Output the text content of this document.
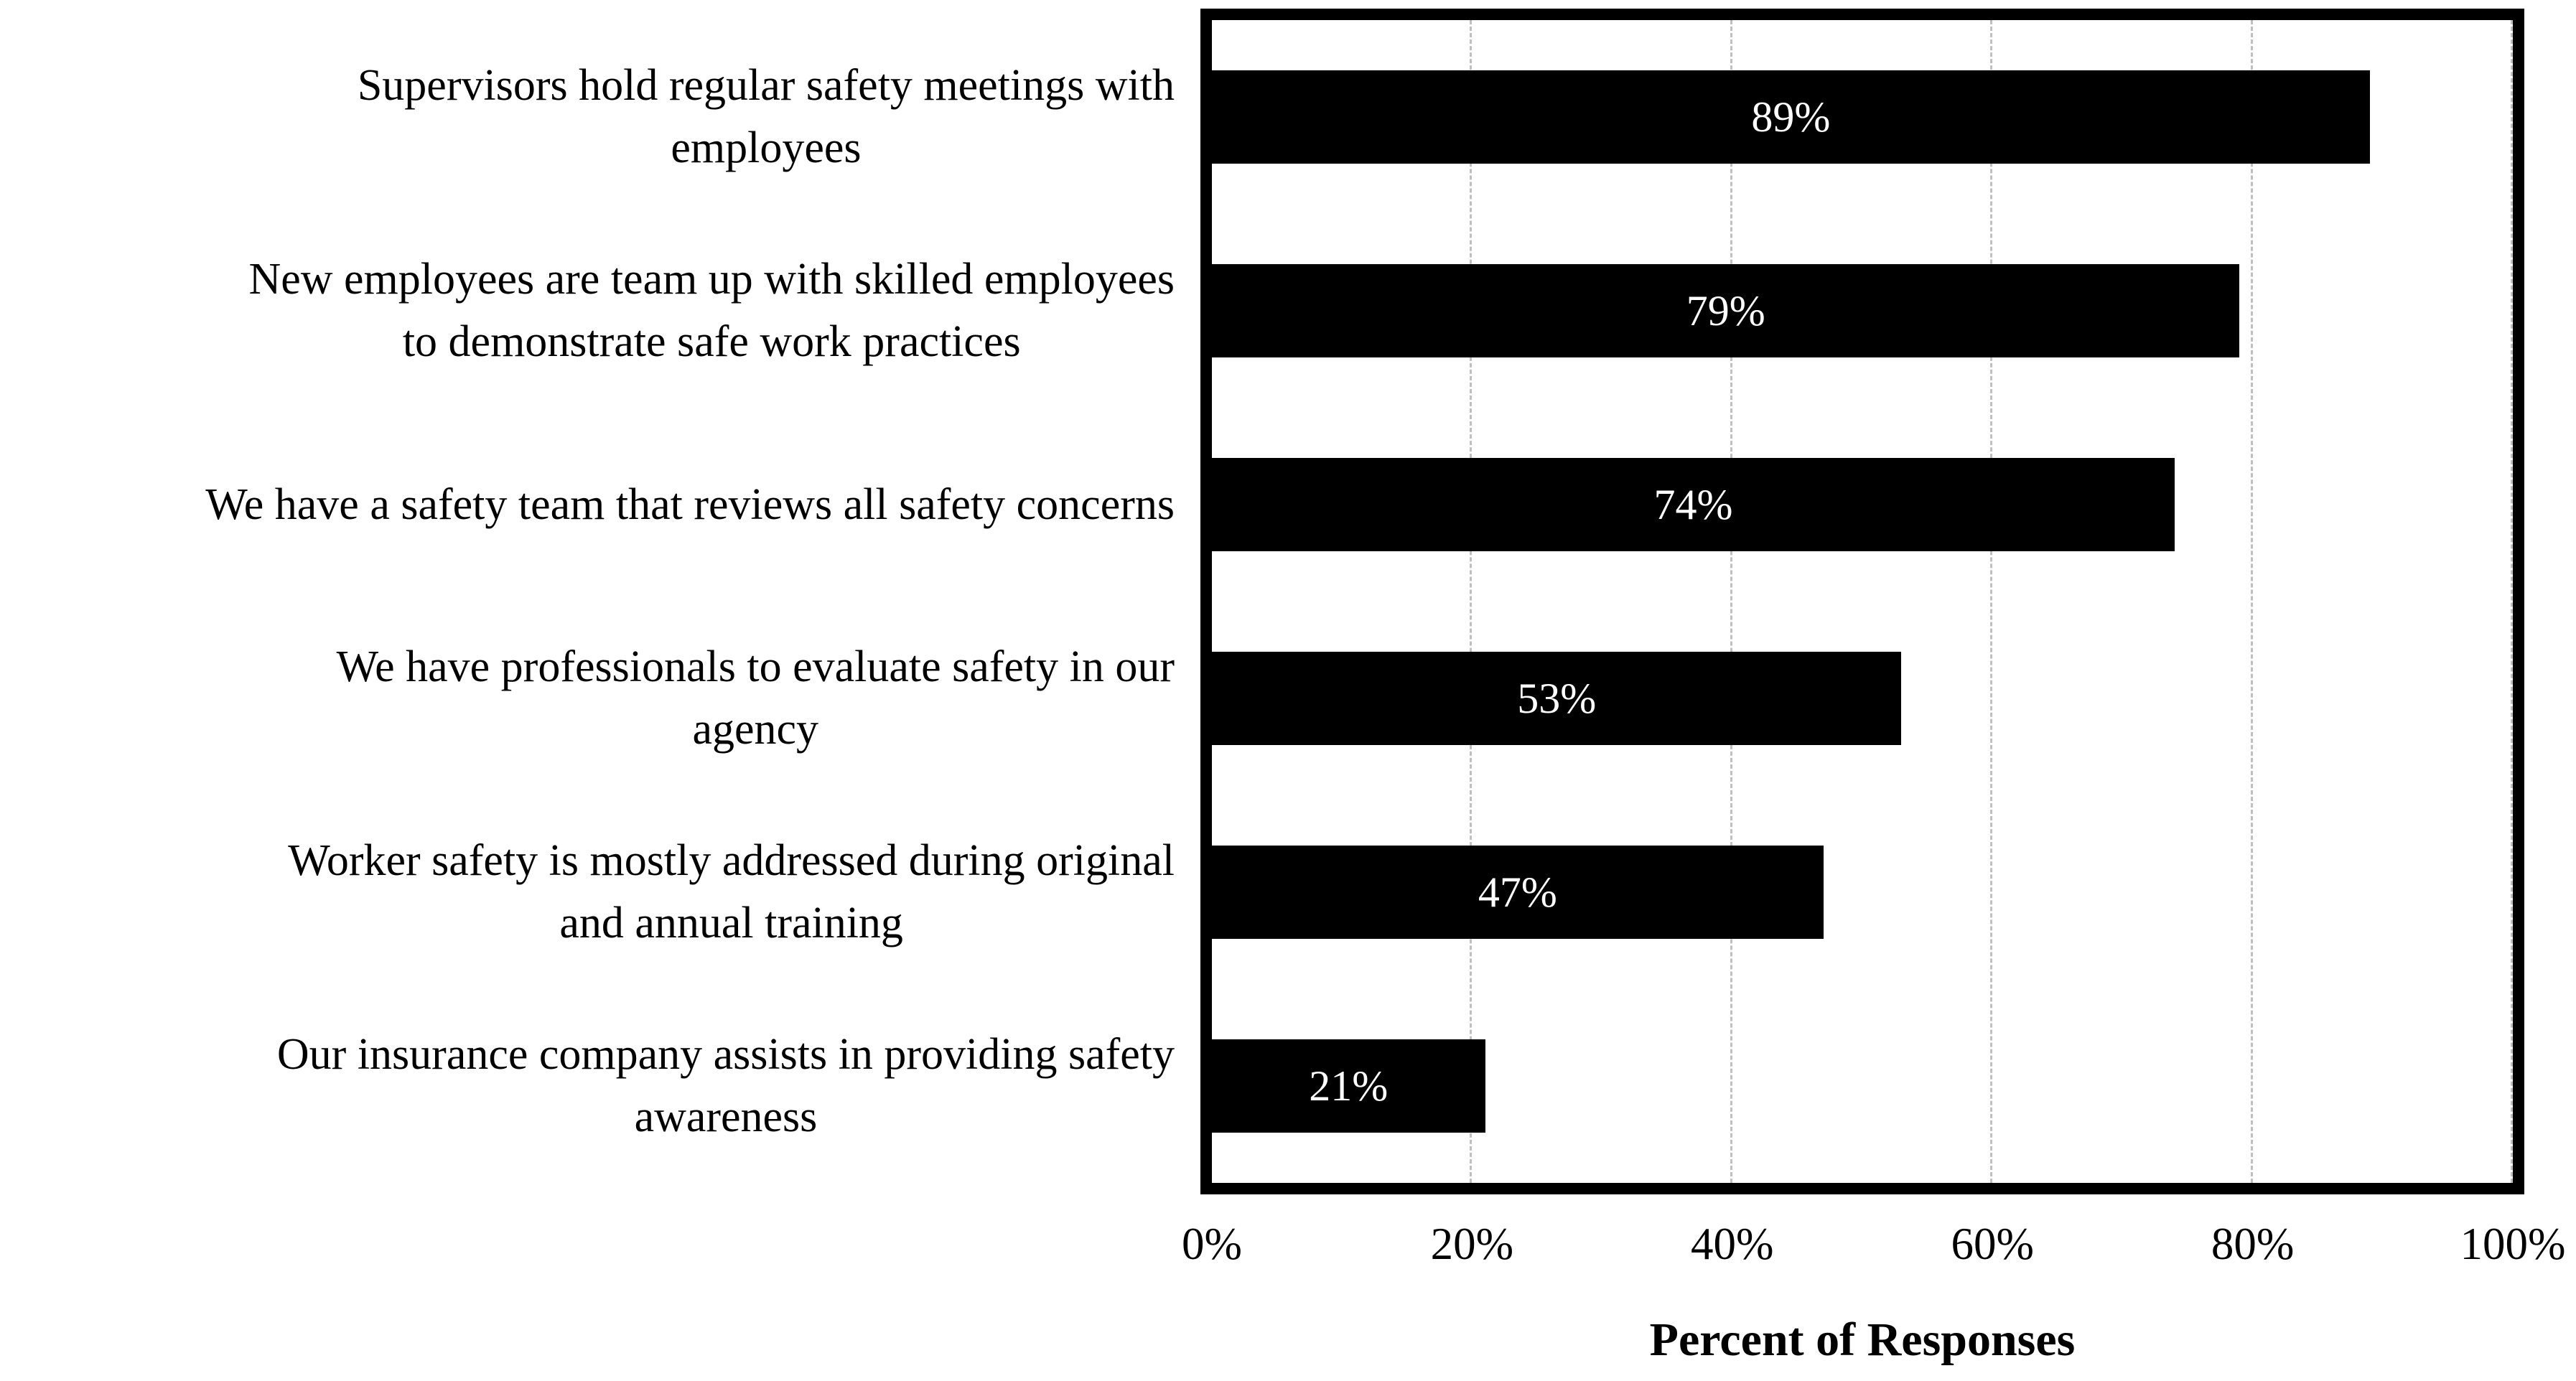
89%
79%
74%
53%
47%
21%
Supervisors hold regular safety meetings with
employees
New employees are team up with skilled employees
to demonstrate safe work practices
We have a safety team that reviews all safety concerns
We have professionals to evaluate safety in our
agency
Worker safety is mostly addressed during original
and annual training
Our insurance company assists in providing safety
awareness
0%	20%	40%	60%	80%	100%
Percent of Responses
